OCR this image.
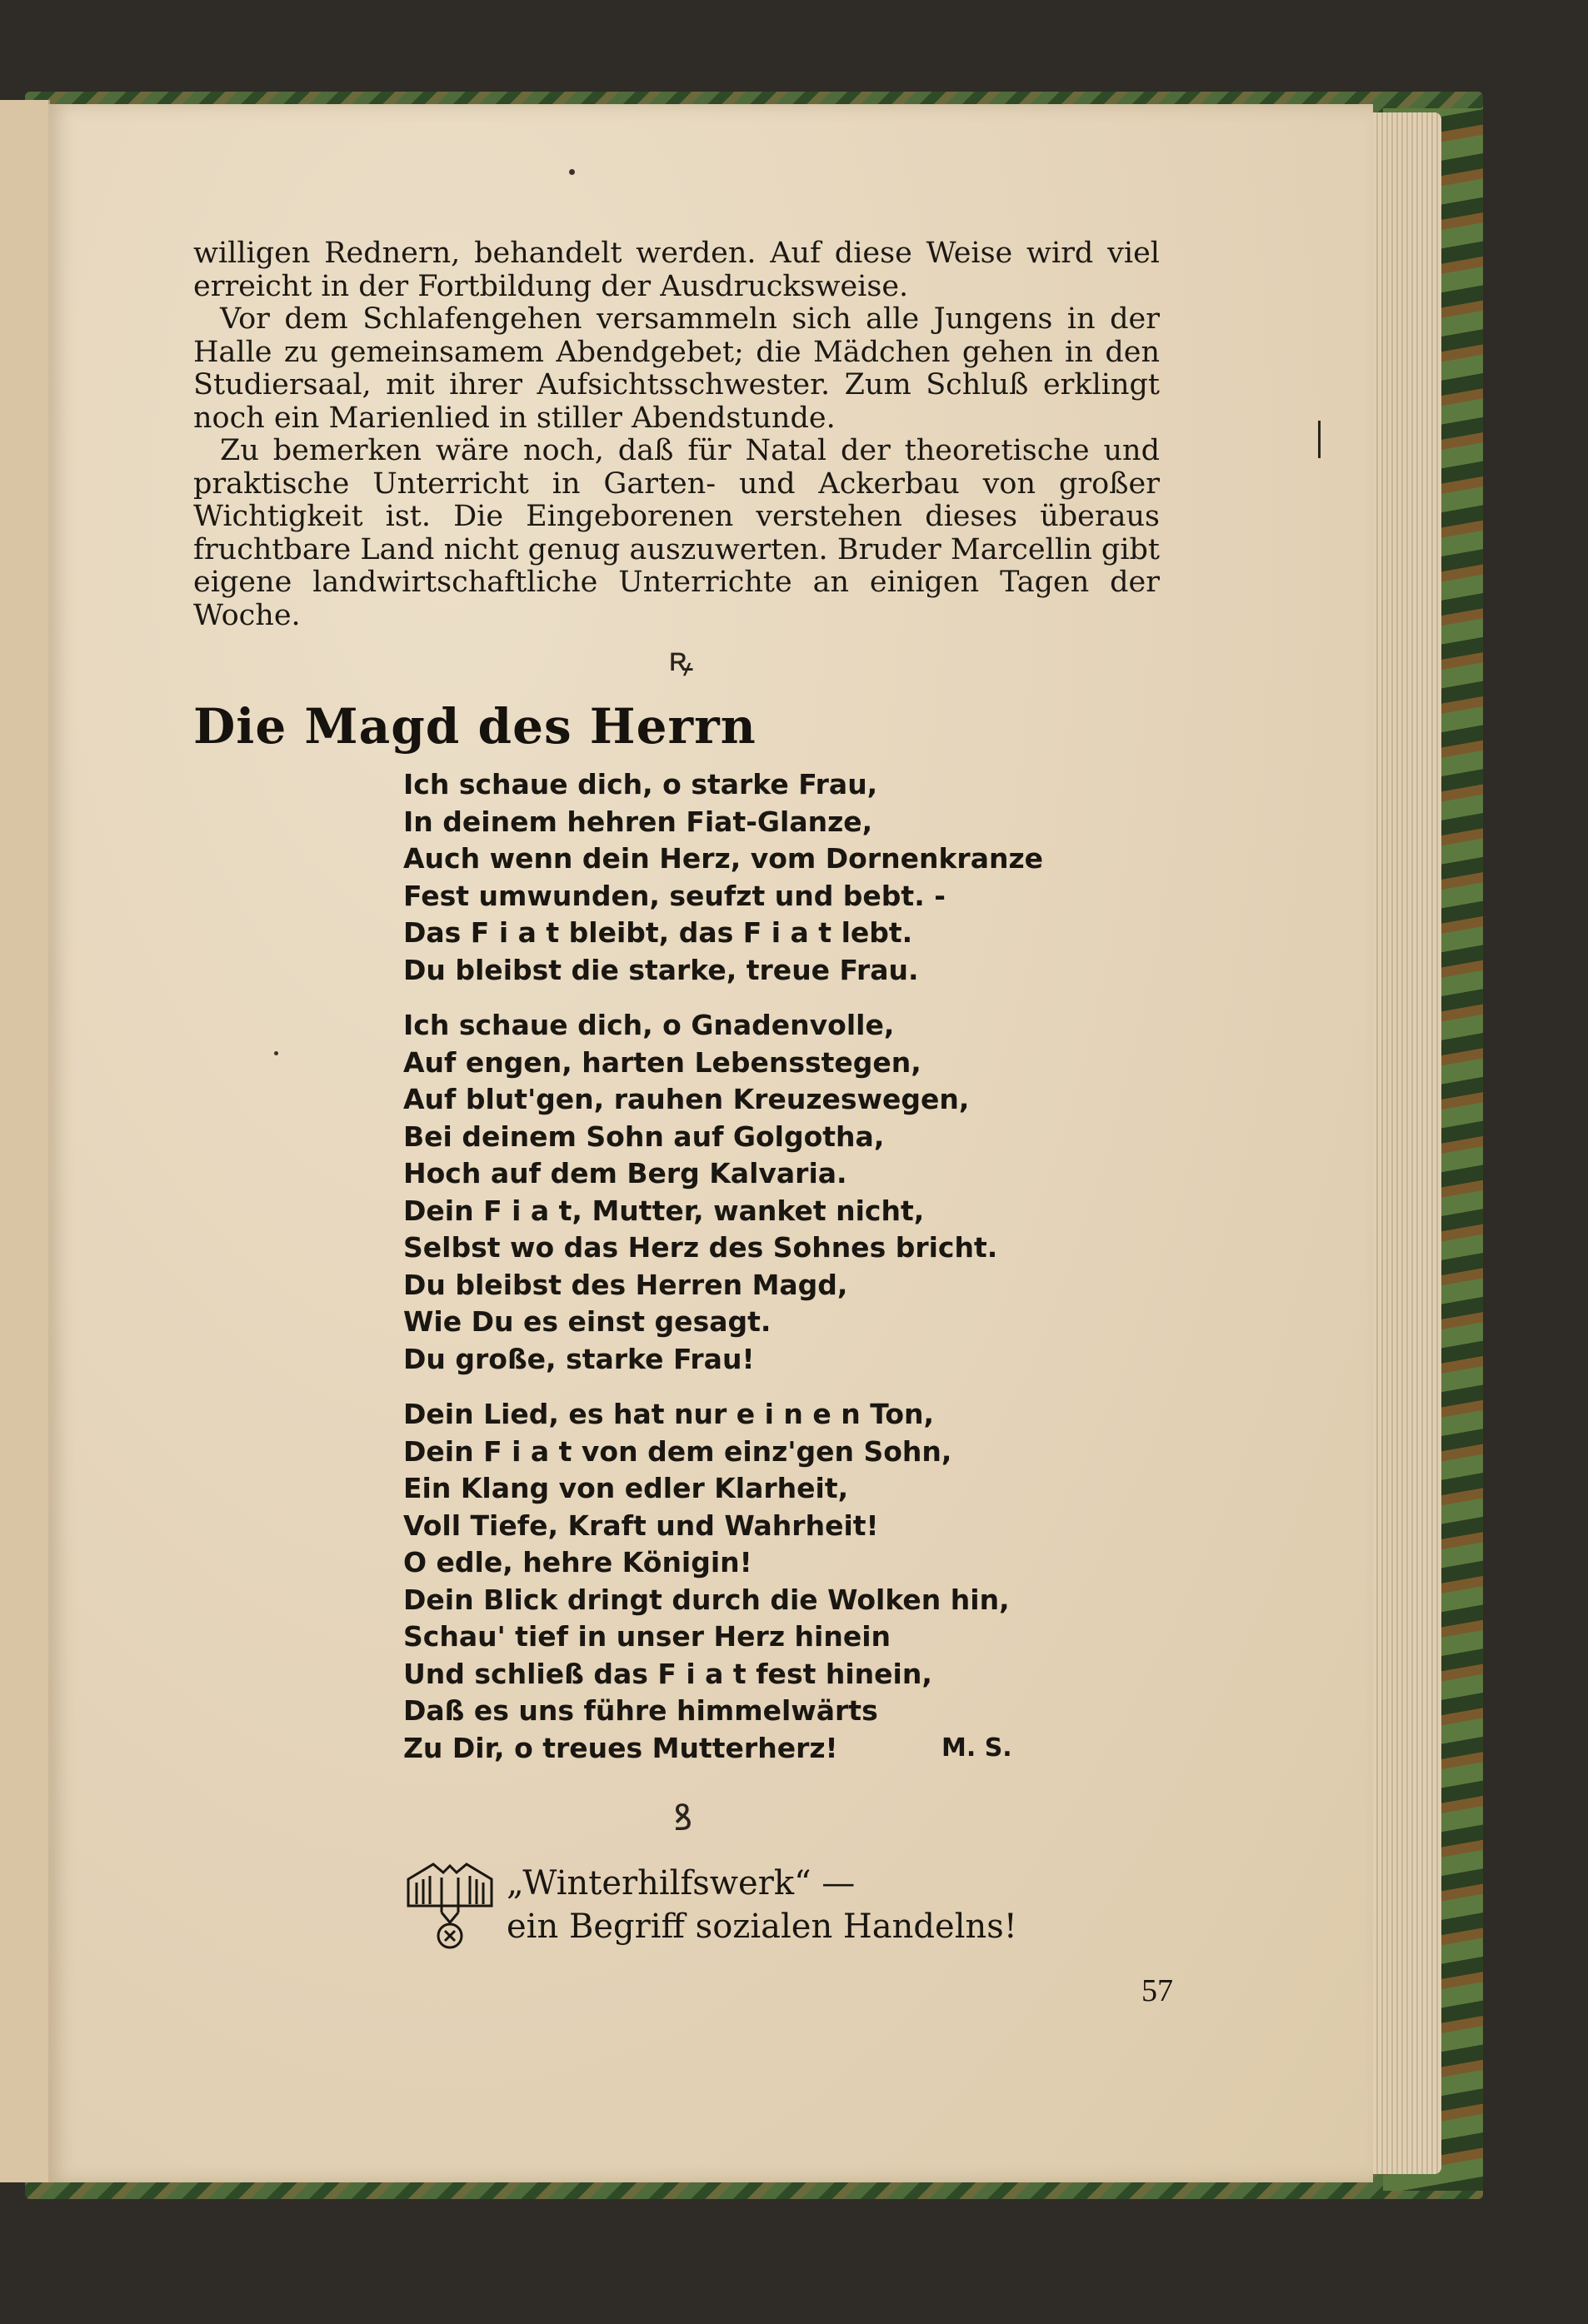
willigen Rednern, behandelt werden. Auf diese Weise wird viel erreicht in der Fortbildung der Ausdrucksweise.

Vor dem Schlafengehen versammeln sich alle Jungens in der Halle zu gemeinsamem Abendgebet; die Mädchen gehen in den Studiersaal, mit ihrer Aufsichtsschwester. Zum Schluß erklingt noch ein Marienlied in stiller Abendstunde.

Zu bemerken wäre noch, daß für Natal der theoretische und praktische Unterricht in Garten- und Ackerbau von großer Wichtigkeit ist. Die Eingeborenen verstehen dieses überaus fruchtbare Land nicht genug auszuwerten. Bruder Marcellin gibt eigene landwirtschaftliche Unterrichte an einigen Tagen der Woche.

ꝶ
Die Magd des Herrn
Ich schaue dich, o starke Frau,
In deinem hehren Fiat-Glanze,
Auch wenn dein Herz, vom Dornenkranze
Fest umwunden, seufzt und bebt. -
Das F i a t bleibt, das F i a t lebt.
Du bleibst die starke, treue Frau.
Ich schaue dich, o Gnadenvolle,
Auf engen, harten Lebensstegen,
Auf blut'gen, rauhen Kreuzeswegen,
Bei deinem Sohn auf Golgotha,
Hoch auf dem Berg Kalvaria.
Dein F i a t, Mutter, wanket nicht,
Selbst wo das Herz des Sohnes bricht.
Du bleibst des Herren Magd,
Wie Du es einst gesagt.
Du große, starke Frau!
Dein Lied, es hat nur e i n e n Ton,
Dein F i a t von dem einz'gen Sohn,
Ein Klang von edler Klarheit,
Voll Tiefe, Kraft und Wahrheit!
O edle, hehre Königin!
Dein Blick dringt durch die Wolken hin,
Schau' tief in unser Herz hinein
Und schließ das F i a t fest hinein,
Daß es uns führe himmelwärts
Zu Dir, o treues Mutterherz!	M. S.
ꝸ
„Winterhilfswerk“ —
ein Begriff sozialen Handelns!
57
